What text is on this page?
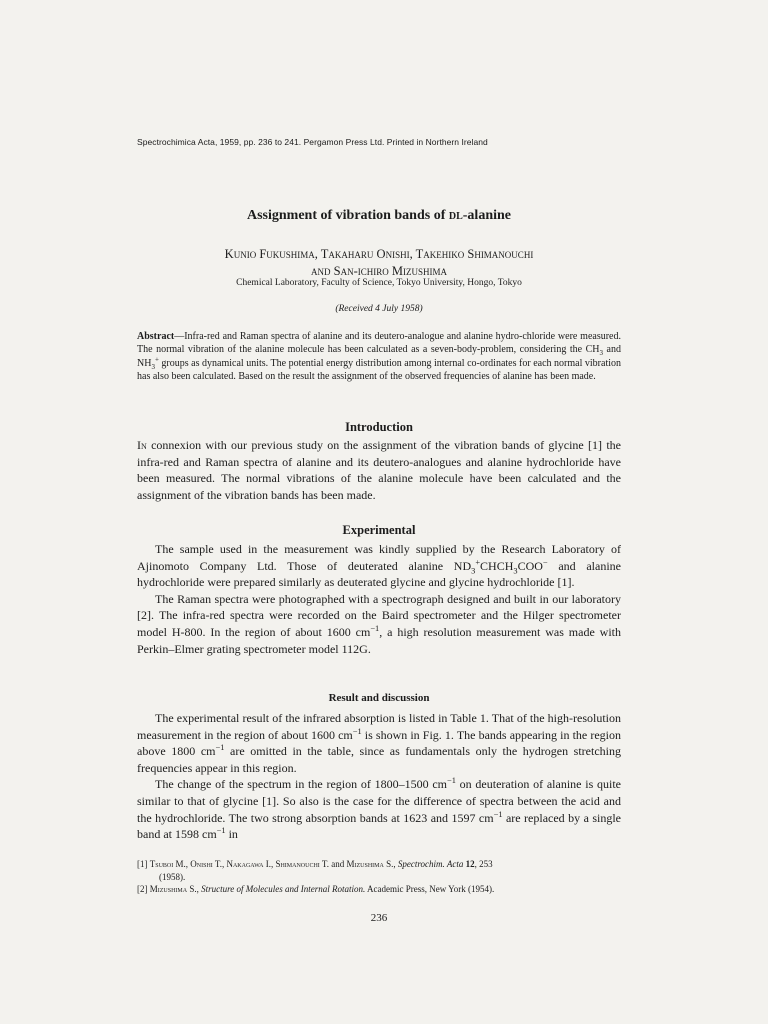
Spectrochimica Acta, 1959, pp. 236 to 241. Pergamon Press Ltd. Printed in Northern Ireland
Assignment of vibration bands of dl-alanine
Kunio Fukushima, Takaharu Onishi, Takehiko Shimanouchi
and San-ichiro Mizushima
Chemical Laboratory, Faculty of Science, Tokyo University, Hongo, Tokyo
(Received 4 July 1958)
Abstract—Infra-red and Raman spectra of alanine and its deutero-analogue and alanine hydro-chloride were measured. The normal vibration of the alanine molecule has been calculated as a seven-body-problem, considering the $CH_3$ and $NH_3^+$ groups as dynamical units. The potential energy distribution among internal co-ordinates for each normal vibration has also been calculated. Based on the result the assignment of the observed frequencies of alanine has been made.
Introduction

In connexion with our previous study on the assignment of the vibration bands of glycine [1] the infra-red and Raman spectra of alanine and its deutero-analogues and alanine hydrochloride have been measured. The normal vibrations of the alanine molecule have been calculated and the assignment of the vibration bands has been made.

Experimental

The sample used in the measurement was kindly supplied by the Research Laboratory of Ajinomoto Company Ltd. Those of deuterated alanine $ND_3^+CHCH_3COO^-$ and alanine hydrochloride were prepared similarly as deuterated glycine and glycine hydrochloride [1].

The Raman spectra were photographed with a spectrograph designed and built in our laboratory [2]. The infra-red spectra were recorded on the Baird spectrometer and the Hilger spectrometer model H-800. In the region of about 1600 $cm^{-1}$, a high resolution measurement was made with Perkin–Elmer grating spectrometer model 112G.

Result and discussion

The experimental result of the infrared absorption is listed in Table 1. That of the high-resolution measurement in the region of about 1600 $cm^{-1}$ is shown in Fig. 1. The bands appearing in the region above 1800 $cm^{-1}$ are omitted in the table, since as fundamentals only the hydrogen stretching frequencies appear in this region.

The change of the spectrum in the region of 1800–1500 $cm^{-1}$ on deuteration of alanine is quite similar to that of glycine [1]. So also is the case for the difference of spectra between the acid and the hydrochloride. The two strong absorption bands at 1623 and 1597 $cm^{-1}$ are replaced by a single band at 1598 $cm^{-1}$ in

[1] Tsuboi M., Onishi T., Nakagawa I., Shimanouchi T. and Mizushima S., Spectrochim. Acta 12, 253
(1958).
[2] Mizushima S., Structure of Molecules and Internal Rotation. Academic Press, New York (1954).
236
